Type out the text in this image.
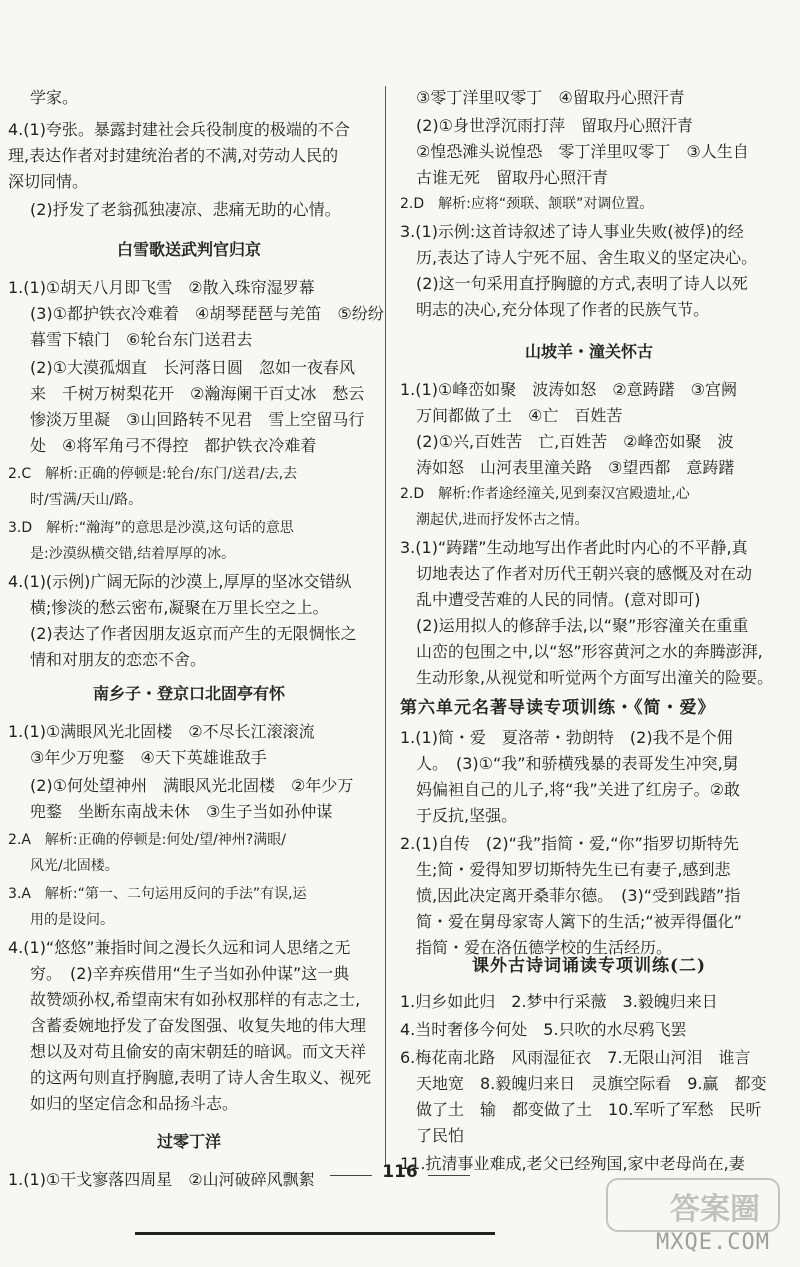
学家。
4.(1)夸张。暴露封建社会兵役制度的极端的不合
理,表达作者对封建统治者的不满,对劳动人民的
深切同情。
(2)抒发了老翁孤独凄凉、悲痛无助的心情。
白雪歌送武判官归京
1.(1)①胡天八月即飞雪　②散入珠帘湿罗幕
(3)①都护铁衣冷难着　④胡琴琵琶与羌笛　⑤纷纷
暮雪下辕门　⑥轮台东门送君去
(2)①大漠孤烟直　长河落日圆　忽如一夜春风
来　千树万树梨花开　②瀚海阑干百丈冰　愁云
惨淡万里凝　③山回路转不见君　雪上空留马行
处　④将军角弓不得控　都护铁衣冷难着
2.C　解析:正确的停顿是:轮台/东门/送君/去,去
时/雪满/天山/路。
3.D　解析:“瀚海”的意思是沙漠,这句话的意思
是:沙漠纵横交错,结着厚厚的冰。
4.(1)(示例)广阔无际的沙漠上,厚厚的坚冰交错纵
横;惨淡的愁云密布,凝聚在万里长空之上。
(2)表达了作者因朋友返京而产生的无限惆怅之
情和对朋友的恋恋不舍。
南乡子・登京口北固亭有怀
1.(1)①满眼风光北固楼　②不尽长江滚滚流
③年少万兜鍪　④天下英雄谁敌手
(2)①何处望神州　满眼风光北固楼　②年少万
兜鍪　坐断东南战未休　③生子当如孙仲谋
2.A　解析:正确的停顿是:何处/望/神州?满眼/
风光/北固楼。
3.A　解析:“第一、二句运用反问的手法”有误,运
用的是设问。
4.(1)“悠悠”兼指时间之漫长久远和词人思绪之无
穷。　(2)辛弃疾借用“生子当如孙仲谋”这一典
故赞颂孙权,希望南宋有如孙权那样的有志之士,
含蓄委婉地抒发了奋发图强、收复失地的伟大理
想以及对苟且偷安的南宋朝廷的暗讽。而文天祥
的这两句则直抒胸臆,表明了诗人舍生取义、视死
如归的坚定信念和品扬斗志。
过零丁洋
1.(1)①干戈寥落四周星　②山河破碎风飘絮
③零丁洋里叹零丁　④留取丹心照汗青
(2)①身世浮沉雨打萍　留取丹心照汗青
②惶恐滩头说惶恐　零丁洋里叹零丁　③人生自
古谁无死　留取丹心照汗青
2.D　解析:应将“颈联、颔联”对调位置。
3.(1)示例:这首诗叙述了诗人事业失败(被俘)的经
历,表达了诗人宁死不屈、舍生取义的坚定决心。
(2)这一句采用直抒胸臆的方式,表明了诗人以死
明志的决心,充分体现了作者的民族气节。
山坡羊・潼关怀古
1.(1)①峰峦如聚　波涛如怒　②意踌躇　③宫阙
万间都做了土　④亡　百姓苦
(2)①兴,百姓苦　亡,百姓苦　②峰峦如聚　波
涛如怒　山河表里潼关路　③望西都　意踌躇
2.D　解析:作者途经潼关,见到秦汉宫殿遗址,心
潮起伏,进而抒发怀古之情。
3.(1)“踌躇”生动地写出作者此时内心的不平静,真
切地表达了作者对历代王朝兴衰的感慨及对在动
乱中遭受苦难的人民的同情。(意对即可)
(2)运用拟人的修辞手法,以“聚”形容潼关在重重
山峦的包围之中,以“怒”形容黄河之水的奔腾澎湃,
生动形象,从视觉和听觉两个方面写出潼关的险要。
第六单元名著导读专项训练・《简・爱》
1.(1)简・爱　夏洛蒂・勃朗特　(2)我不是个佣
人。　(3)①“我”和骄横残暴的表哥发生冲突,舅
妈偏袒自己的儿子,将“我”关进了红房子。②敢
于反抗,坚强。
2.(1)自传　(2)“我”指简・爱,“你”指罗切斯特先
生;简・爱得知罗切斯特先生已有妻子,感到悲
愤,因此决定离开桑菲尔德。　(3)“受到践踏”指
简・爱在舅母家寄人篱下的生活;“被弄得僵化”
指简・爱在洛伍德学校的生活经历。
课外古诗词诵读专项训练(二)
1.归乡如此归　2.梦中行采薇　3.毅魄归来日
4.当时奢侈今何处　5.只吹的水尽鸦飞罢
6.梅花南北路　风雨湿征衣　7.无限山河泪　谁言
天地宽　8.毅魄归来日　灵旗空际看　9.赢　都变
做了土　输　都变做了土　10.军听了军愁　民听
了民怕
11.抗清事业难成,老父已经殉国,家中老母尚在,妻
116
答案圈
MXQE.COM
